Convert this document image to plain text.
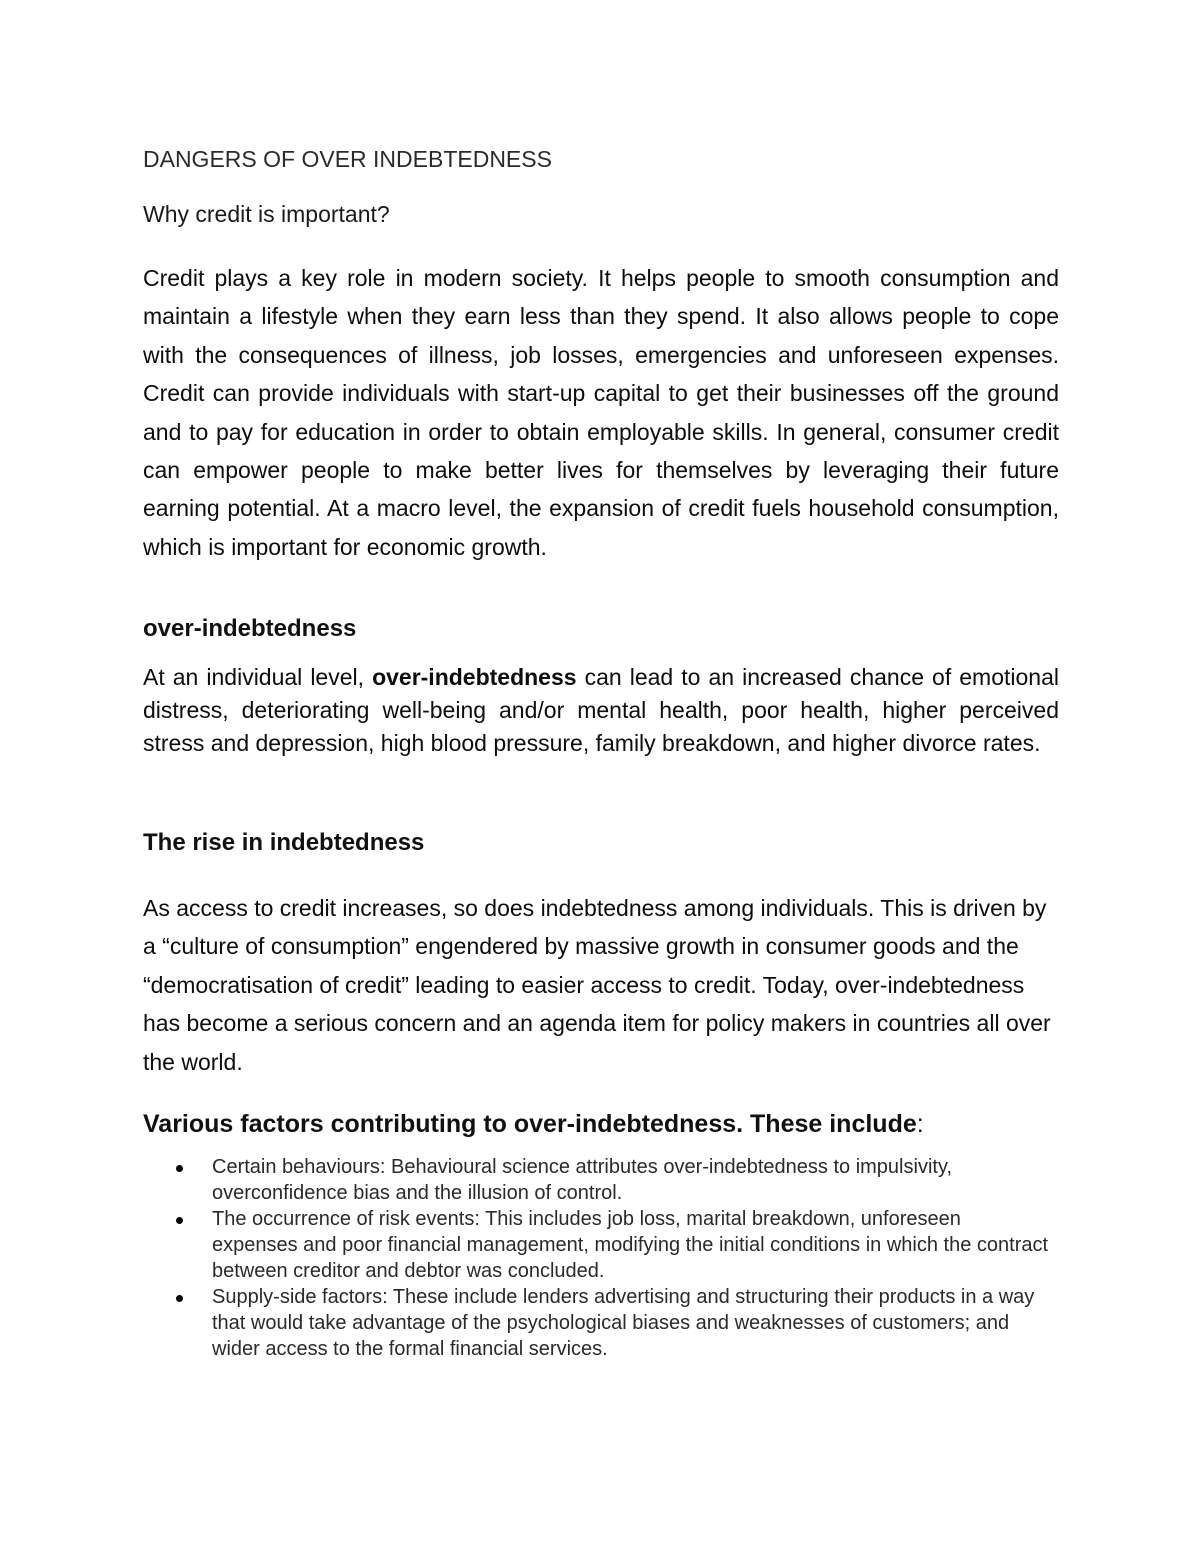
DANGERS OF OVER INDEBTEDNESS
Why credit is important?
Credit plays a key role in modern society. It helps people to smooth consumption and maintain a lifestyle when they earn less than they spend. It also allows people to cope with the consequences of illness, job losses, emergencies and unforeseen expenses. Credit can provide individuals with start-up capital to get their businesses off the ground and to pay for education in order to obtain employable skills. In general, consumer credit can empower people to make better lives for themselves by leveraging their future earning potential. At a macro level, the expansion of credit fuels household consumption, which is important for economic growth.
over-indebtedness
At an individual level, over-indebtedness can lead to an increased chance of emotional distress, deteriorating well-being and/or mental health, poor health, higher perceived stress and depression, high blood pressure, family breakdown, and higher divorce rates.
The rise in indebtedness
As access to credit increases, so does indebtedness among individuals. This is driven by a “culture of consumption” engendered by massive growth in consumer goods and the “democratisation of credit” leading to easier access to credit. Today, over-indebtedness has become a serious concern and an agenda item for policy makers in countries all over the world.
Various factors contributing to over-indebtedness. These include:
Certain behaviours: Behavioural science attributes over-indebtedness to impulsivity, overconfidence bias and the illusion of control.
The occurrence of risk events: This includes job loss, marital breakdown, unforeseen expenses and poor financial management, modifying the initial conditions in which the contract between creditor and debtor was concluded.
Supply-side factors: These include lenders advertising and structuring their products in a way that would take advantage of the psychological biases and weaknesses of customers; and wider access to the formal financial services.
